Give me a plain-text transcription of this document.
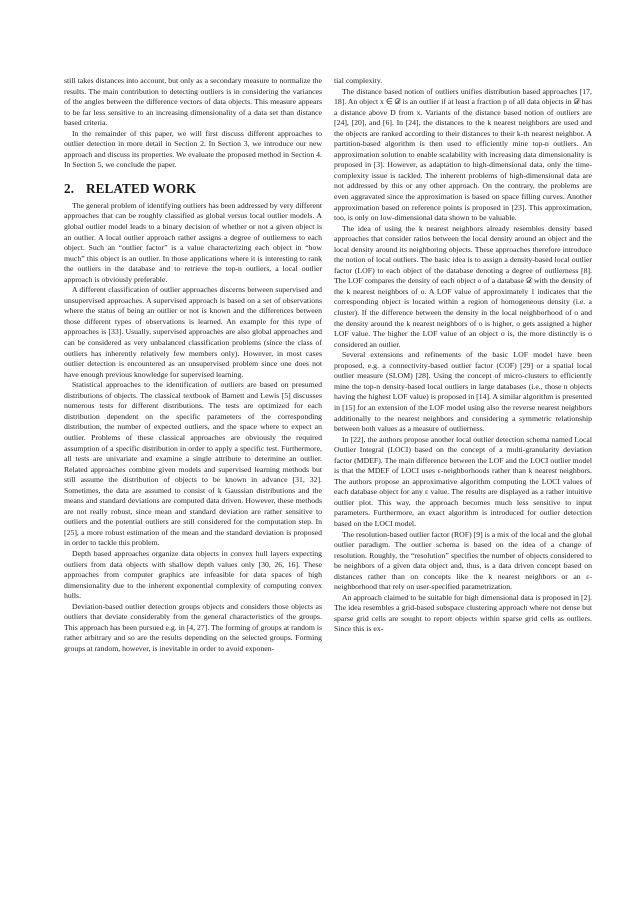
still takes distances into account, but only as a secondary measure to normalize the results. The main contribution to detecting outliers is in considering the variances of the angles between the difference vectors of data objects. This measure appears to be far less sensitive to an increasing dimensionality of a data set than distance based criteria.

In the remainder of this paper, we will first discuss different approaches to outlier detection in more detail in Section 2. In Section 3, we introduce our new approach and discuss its properties. We evaluate the proposed method in Section 4. In Section 5, we conclude the paper.

2. RELATED WORK

The general problem of identifying outliers has been addressed by very different approaches that can be roughly classified as global versus local outlier models. A global outlier model leads to a binary decision of whether or not a given object is an outlier. A local outlier approach rather assigns a degree of outlierness to each object. Such an “outlier factor” is a value characterizing each object in “how much” this object is an outlier. In those applications where it is interesting to rank the outliers in the database and to retrieve the top-n outliers, a local outlier approach is obviously preferable.

A different classification of outlier approaches discerns between supervised and unsupervised approaches. A supervised approach is based on a set of observations where the status of being an outlier or not is known and the differences between those different types of observations is learned. An example for this type of approaches is [33]. Usually, supervised approaches are also global approaches and can be considered as very unbalanced classification problems (since the class of outliers has inherently relatively few members only). However, in most cases outlier detection is encountered as an unsupervised problem since one does not have enough previous knowledge for supervised learning.

Statistical approaches to the identification of outliers are based on presumed distributions of objects. The classical textbook of Barnett and Lewis [5] discusses numerous tests for different distributions. The tests are optimized for each distribution dependent on the specific parameters of the corresponding distribution, the number of expected outliers, and the space where to expect an outlier. Problems of these classical approaches are obviously the required assumption of a specific distribution in order to apply a specific test. Furthermore, all tests are univariate and examine a single attribute to determine an outlier. Related approaches combine given models and supervised learning methods but still assume the distribution of objects to be known in advance [31, 32]. Sometimes, the data are assumed to consist of k Gaussian distributions and the means and standard deviations are computed data driven. However, these methods are not really robust, since mean and standard deviation are rather sensitive to outliers and the potential outliers are still considered for the computation step. In [25], a more robust estimation of the mean and the standard deviation is proposed in order to tackle this problem.

Depth based approaches organize data objects in convex hull layers expecting outliers from data objects with shallow depth values only [30, 26, 16]. These approaches from computer graphics are infeasible for data spaces of high dimensionality due to the inherent exponential complexity of computing convex hulls.

Deviation-based outlier detection groups objects and considers those objects as outliers that deviate considerably from the general characteristics of the groups. This approach has been pursued e.g. in [4, 27]. The forming of groups at random is rather arbitrary and so are the results depending on the selected groups. Forming groups at random, however, is inevitable in order to avoid exponen-

tial complexity.

The distance based notion of outliers unifies distribution based approaches [17, 18]. An object x ∈ 𝒟 is an outlier if at least a fraction p of all data objects in 𝒟 has a distance above D from x. Variants of the distance based notion of outliers are [24], [20], and [6]. In [24], the distances to the k nearest neighbors are used and the objects are ranked according to their distances to their k-th nearest neighbor. A partition-based algorithm is then used to efficiently mine top-n outliers. An approximation solution to enable scalability with increasing data dimensionality is proposed in [3]. However, as adaptation to high-dimensional data, only the time-complexity issue is tackled. The inherent problems of high-dimensional data are not addressed by this or any other approach. On the contrary, the problems are even aggravated since the approximation is based on space filling curves. Another approximation based on reference points is proposed in [23]. This approximation, too, is only on low-dimensional data shown to be valuable.

The idea of using the k nearest neighbors already resembles density based approaches that consider ratios between the local density around an object and the local density around its neighboring objects. These approaches therefore introduce the notion of local outliers. The basic idea is to assign a density-based local outlier factor (LOF) to each object of the database denoting a degree of outlierness [8]. The LOF compares the density of each object o of a database 𝒟 with the density of the k nearest neighbors of o. A LOF value of approximately 1 indicates that the corresponding object is located within a region of homogeneous density (i.e. a cluster). If the difference between the density in the local neighborhood of o and the density around the k nearest neighbors of o is higher, o gets assigned a higher LOF value. The higher the LOF value of an object o is, the more distinctly is o considered an outlier.

Several extensions and refinements of the basic LOF model have been proposed, e.g. a connectivity-based outlier factor (COF) [29] or a spatial local outlier measure (SLOM) [28]. Using the concept of micro-clusters to efficiently mine the top-n density-based local outliers in large databases (i.e., those n objects having the highest LOF value) is proposed in [14]. A similar algorithm is presented in [15] for an extension of the LOF model using also the reverse nearest neighbors additionally to the nearest neighbors and considering a symmetric relationship between both values as a measure of outlierness.

In [22], the authors propose another local outlier detection schema named Local Outlier Integral (LOCI) based on the concept of a multi-granularity deviation factor (MDEF). The main difference between the LOF and the LOCI outlier model is that the MDEF of LOCI uses ε-neighborhoods rather than k nearest neighbors. The authors propose an approximative algorithm computing the LOCI values of each database object for any ε value. The results are displayed as a rather intuitive outlier plot. This way, the approach becomes much less sensitive to input parameters. Furthermore, an exact algorithm is introduced for outlier detection based on the LOCI model.

The resolution-based outlier factor (ROF) [9] is a mix of the local and the global outlier paradigm. The outlier schema is based on the idea of a change of resolution. Roughly, the “resolution” specifies the number of objects considered to be neighbors of a given data object and, thus, is a data driven concept based on distances rather than on concepts like the k nearest neighbors or an ε-neighborhood that rely on user-specified parametrization.

An approach claimed to be suitable for high dimensional data is proposed in [2]. The idea resembles a grid-based subspace clustering approach where not dense but sparse grid cells are sought to report objects within sparse grid cells as outliers. Since this is ex-
